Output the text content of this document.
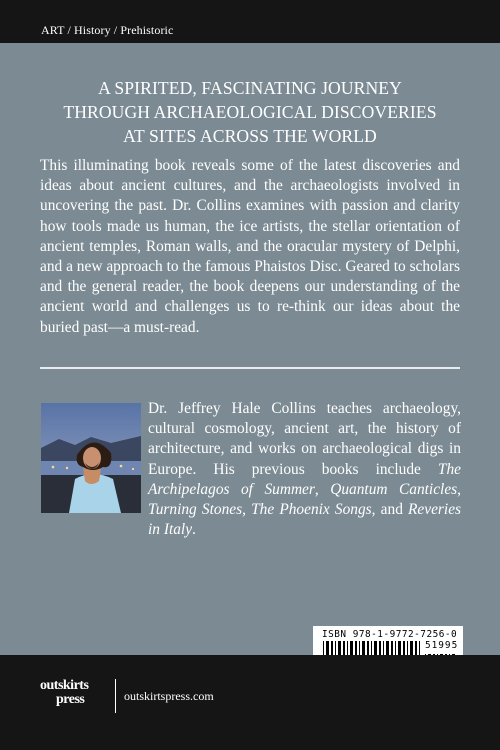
ART / History / Prehistoric
A SPIRITED, FASCINATING JOURNEY
THROUGH ARCHAEOLOGICAL DISCOVERIES
AT SITES ACROSS THE WORLD
This illuminating book reveals some of the latest discoveries and ideas about ancient cultures, and the archaeologists involved in uncovering the past. Dr. Collins examines with passion and clarity how tools made us human, the ice artists, the stellar orientation of ancient temples, Roman walls, and the oracular mystery of Delphi, and a new approach to the famous Phaistos Disc. Geared to scholars and the general reader, the book deepens our understanding of the ancient world and challenges us to re-think our ideas about the buried past—a must-read.
Dr. Jeffrey Hale Collins teaches archaeology, cultural cosmology, ancient art, the history of architecture, and works on archaeological digs in Europe. His previous books include The Archipelagos of Summer, Quantum Canticles, Turning Stones, The Phoenix Songs, and Reveries in Italy.
ISBN 978-1-9772-7256-0
51995
outskirts
press	outskirtspress.com
